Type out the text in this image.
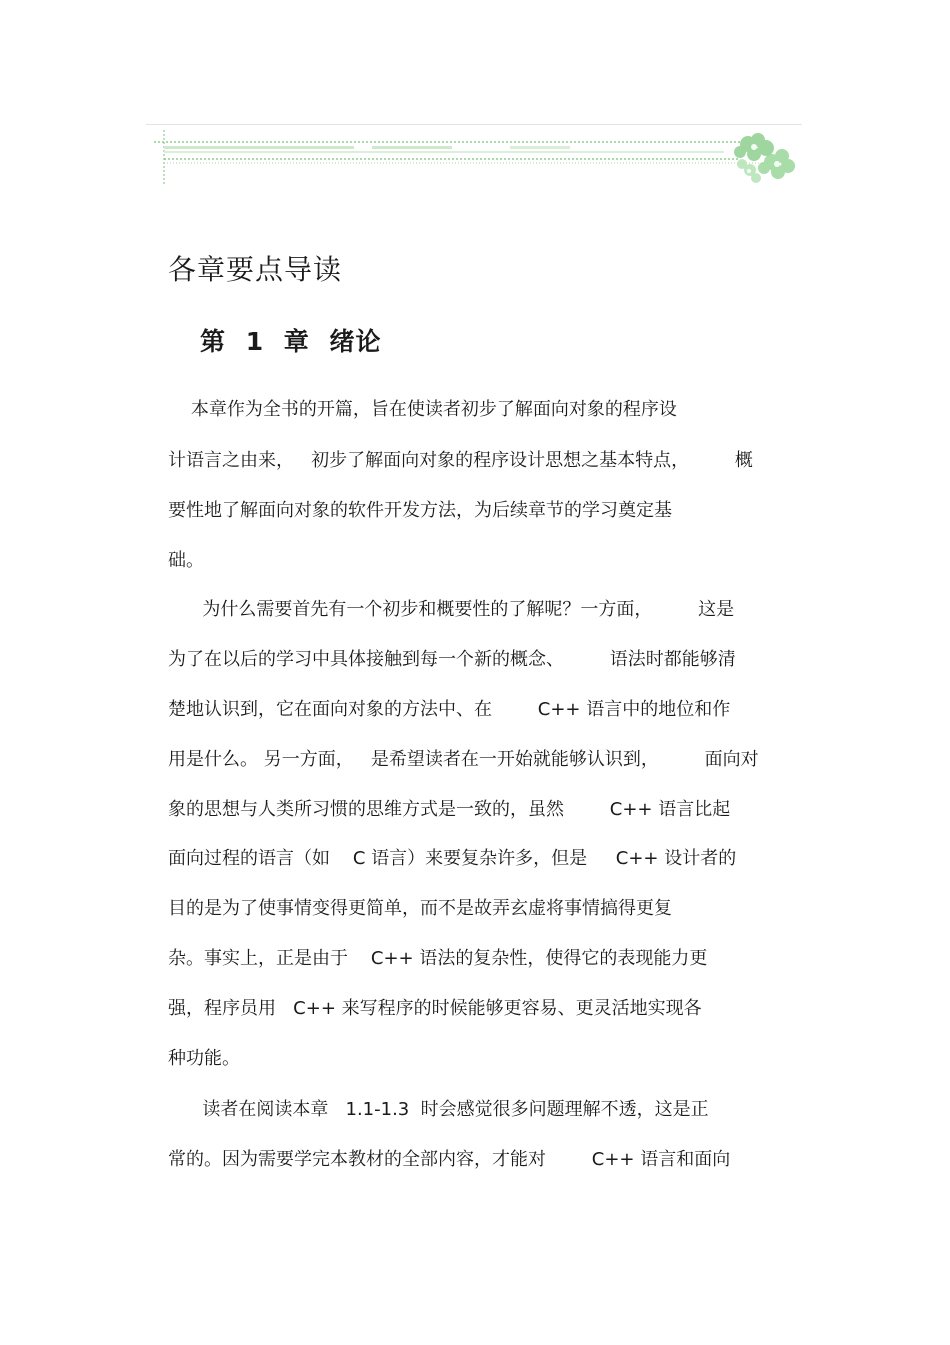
各章要点导读
第 1 章 绪论
本章作为全书的开篇，旨在使读者初步了解面向对象的程序设
计语言之由来，   初步了解面向对象的程序设计思想之基本特点，        概
要性地了解面向对象的软件开发方法，为后续章节的学习奠定基
础。
为什么需要首先有一个初步和概要性的了解呢？一方面，        这是
为了在以后的学习中具体接触到每一个新的概念、        语法时都能够清
楚地认识到，它在面向对象的方法中、在        C++ 语言中的地位和作
用是什么。 另一方面，   是希望读者在一开始就能够认识到，        面向对
象的思想与人类所习惯的思维方式是一致的，虽然        C++ 语言比起
面向过程的语言（如    C 语言）来要复杂许多，但是     C++ 设计者的
目的是为了使事情变得更简单，而不是故弄玄虚将事情搞得更复
杂。事实上，正是由于    C++ 语法的复杂性，使得它的表现能力更
强，程序员用   C++ 来写程序的时候能够更容易、更灵活地实现各
种功能。
读者在阅读本章   1.1-1.3  时会感觉很多问题理解不透，这是正
常的。因为需要学完本教材的全部内容，才能对        C++ 语言和面向
